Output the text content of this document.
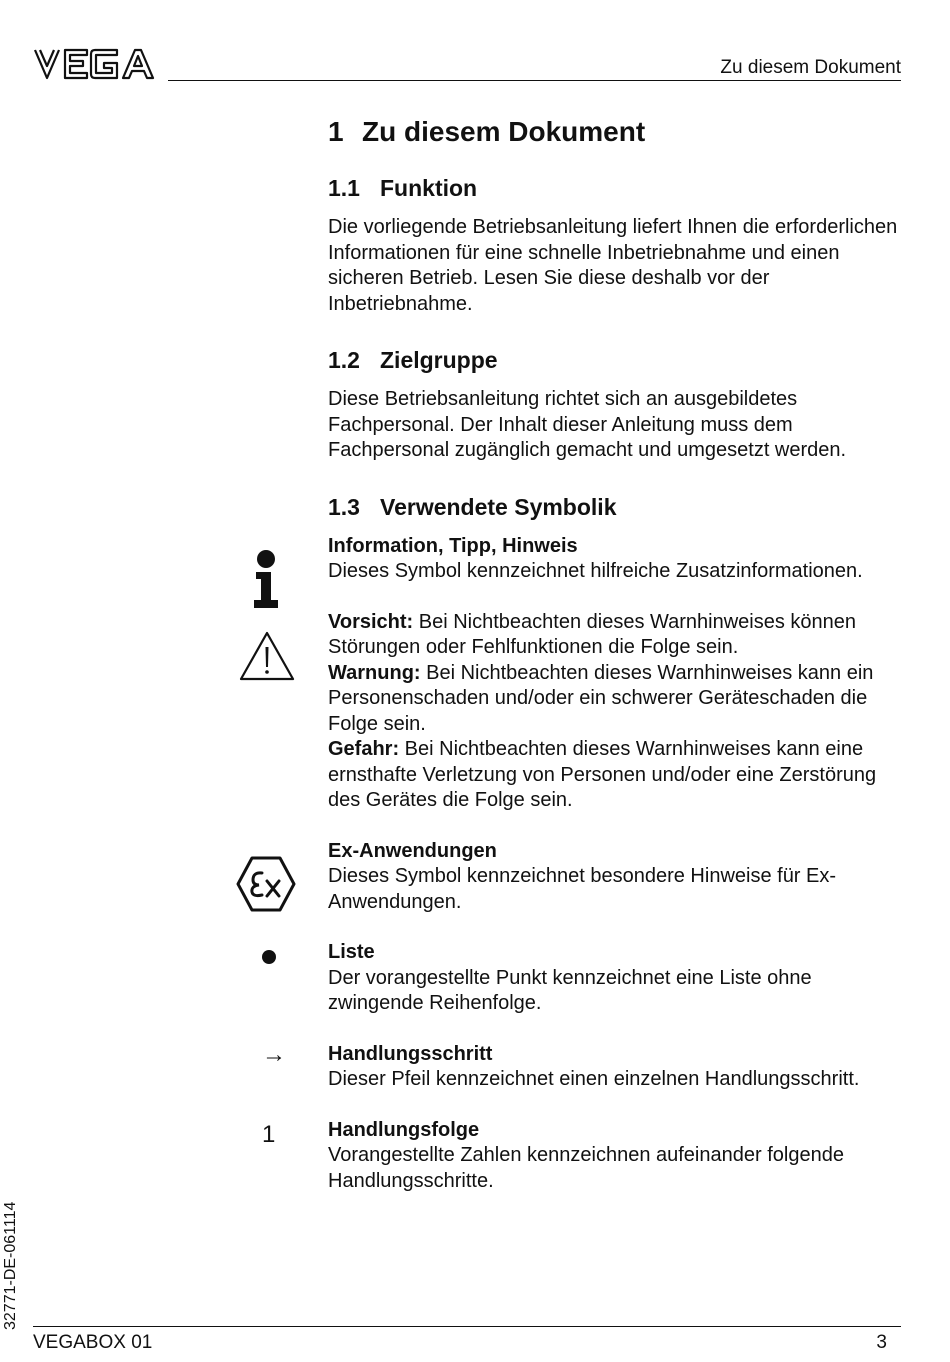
Zu diesem Dokument
1 Zu diesem Dokument
1.1 Funktion

Die vorliegende Betriebsanleitung liefert Ihnen die erforderlichen Informationen für eine schnelle Inbetriebnahme und einen sicheren Betrieb. Lesen Sie diese deshalb vor der Inbetriebnahme.

1.2 Zielgruppe

Diese Betriebsanleitung richtet sich an ausgebildetes Fachpersonal. Der Inhalt dieser Anleitung muss dem Fachpersonal zugänglich gemacht und umgesetzt werden.

1.3 Verwendete Symbolik

Information, Tipp, Hinweis

Dieses Symbol kennzeichnet hilfreiche Zusatzinformationen.

Vorsicht: Bei Nichtbeachten dieses Warnhinweises können Störungen oder Fehlfunktionen die Folge sein.

Warnung: Bei Nichtbeachten dieses Warnhinweises kann ein Personenschaden und/oder ein schwerer Geräteschaden die Folge sein.

Gefahr: Bei Nichtbeachten dieses Warnhinweises kann eine ernsthafte Verletzung von Personen und/oder eine Zerstörung des Gerätes die Folge sein.

Ex-Anwendungen

Dieses Symbol kennzeichnet besondere Hinweise für Ex-Anwendungen.

Liste

Der vorangestellte Punkt kennzeichnet eine Liste ohne zwingende Reihenfolge.

Handlungsschritt

Dieser Pfeil kennzeichnet einen einzelnen Handlungsschritt.

Handlungsfolge

Vorangestellte Zahlen kennzeichnen aufeinander folgende Handlungsschritte.

→
1
32771-DE-061114
VEGABOX 01	3
